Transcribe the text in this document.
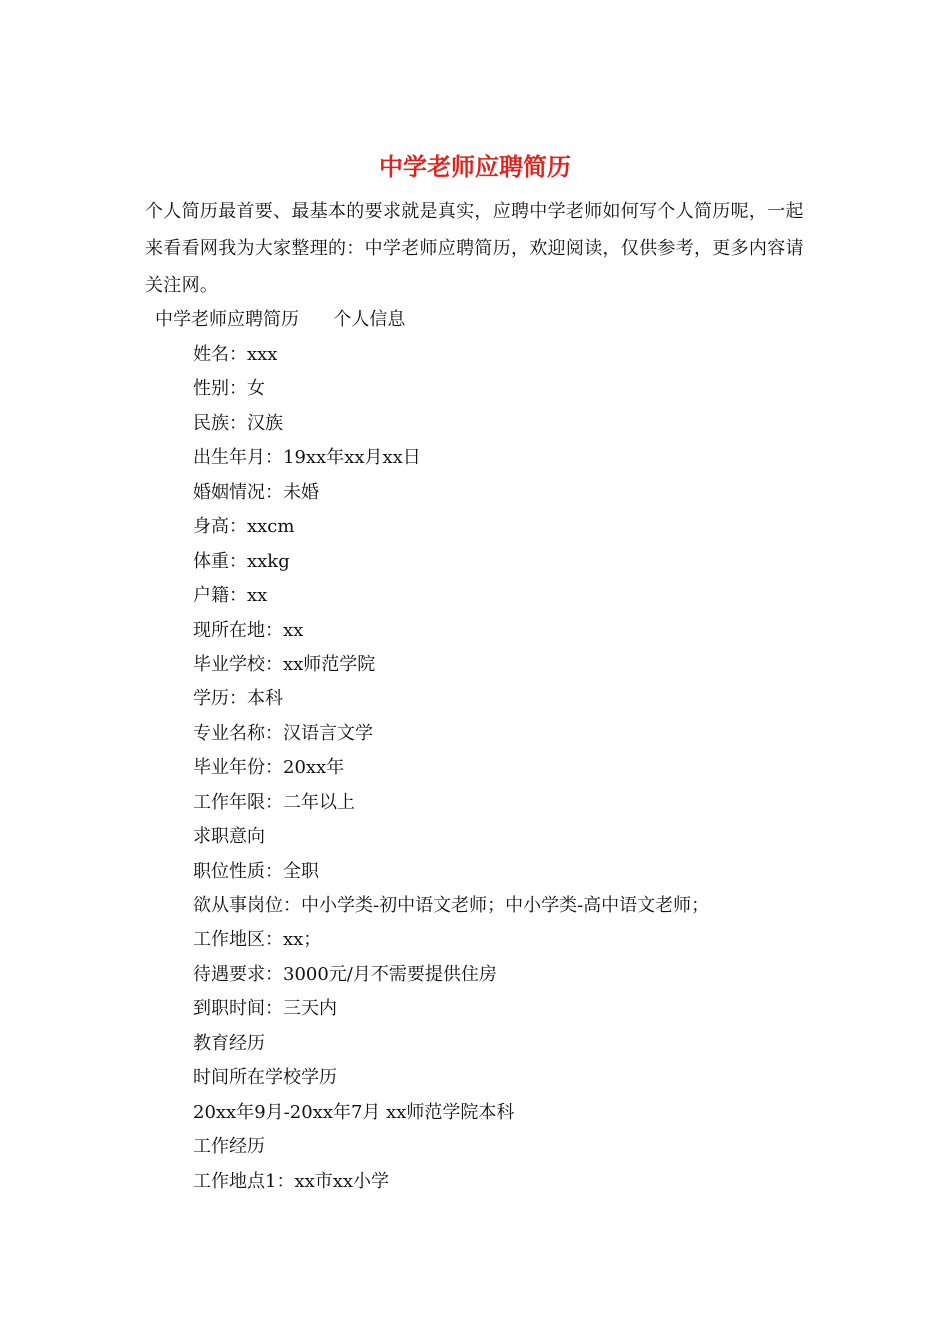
中学老师应聘简历

个人简历最首要、最基本的要求就是真实，应聘中学老师如何写个人简历呢，一起来看看网我为大家整理的：中学老师应聘简历，欢迎阅读，仅供参考，更多内容请关注网。

中学老师应聘简历      个人信息

姓名：xxx
性别：女
民族：汉族
出生年月：19xx年xx月xx日
婚姻情况：未婚
身高：xxcm
体重：xxkg
户籍：xx
现所在地：xx
毕业学校：xx师范学院
学历：本科
专业名称：汉语言文学
毕业年份：20xx年
工作年限：二年以上
求职意向
职位性质：全职
欲从事岗位：中小学类-初中语文老师；中小学类-高中语文老师；
工作地区：xx；
待遇要求：3000元/月不需要提供住房
到职时间：三天内
教育经历
时间所在学校学历
20xx年9月-20xx年7月 xx师范学院本科
工作经历
工作地点1：xx市xx小学
